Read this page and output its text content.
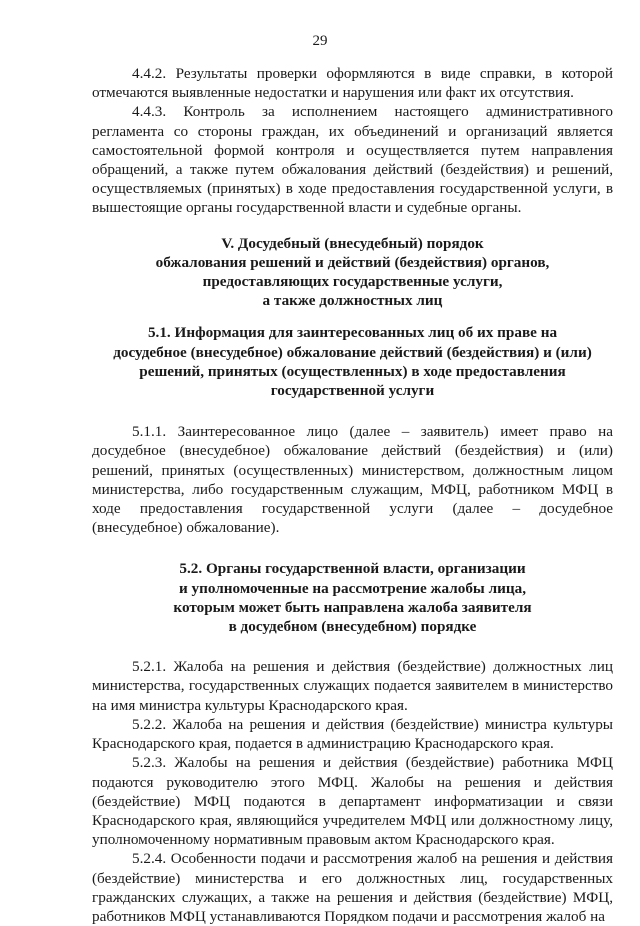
29

4.4.2. Результаты проверки оформляются в виде справки, в которой отмечаются выявленные недостатки и нарушения или факт их отсутствия.

4.4.3. Контроль за исполнением настоящего административного регламента со стороны граждан, их объединений и организаций является самостоятельной формой контроля и осуществляется путем направления обращений, а также путем обжалования действий (бездействия) и решений, осуществляемых (принятых) в ходе предоставления государственной услуги, в вышестоящие органы государственной власти и судебные органы.

V. Досудебный (внесудебный) порядок
обжалования решений и действий (бездействия) органов,
предоставляющих государственные услуги,
а также должностных лиц
5.1. Информация для заинтересованных лиц об их праве на
досудебное (внесудебное) обжалование действий (бездействия) и (или)
решений, принятых (осуществленных) в ходе предоставления
государственной услуги

5.1.1. Заинтересованное лицо (далее – заявитель) имеет право на досудебное (внесудебное) обжалование действий (бездействия) и (или) решений, принятых (осуществленных) министерством, должностным лицом министерства, либо государственным служащим, МФЦ, работником МФЦ в ходе предоставления государственной услуги (далее – досудебное (внесудебное) обжалование).

5.2. Органы государственной власти, организации
и уполномоченные на рассмотрение жалобы лица,
которым может быть направлена жалоба заявителя
в досудебном (внесудебном) порядке

5.2.1. Жалоба на решения и действия (бездействие) должностных лиц министерства, государственных служащих подается заявителем в министерство на имя министра культуры Краснодарского края.

5.2.2. Жалоба на решения и действия (бездействие) министра культуры Краснодарского края, подается в администрацию Краснодарского края.

5.2.3. Жалобы на решения и действия (бездействие) работника МФЦ подаются руководителю этого МФЦ. Жалобы на решения и действия (бездействие) МФЦ подаются в департамент информатизации и связи Краснодарского края, являющийся учредителем МФЦ или должностному лицу, уполномоченному нормативным правовым актом Краснодарского края.

5.2.4. Особенности подачи и рассмотрения жалоб на решения и действия (бездействие) министерства и его должностных лиц, государственных гражданских служащих, а также на решения и действия (бездействие) МФЦ, работников МФЦ устанавливаются Порядком подачи и рассмотрения жалоб на
